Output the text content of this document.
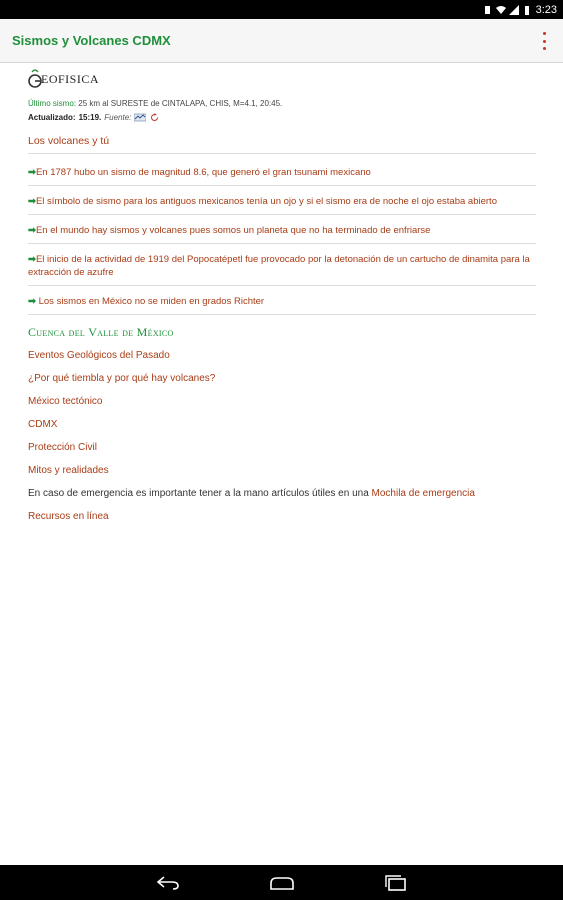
3:23
Sismos y Volcanes CDMX
EOFISICA
Último sismo: 25 km al SURESTE de CINTALAPA, CHIS, M=4.1, 20:45.
Actualizado: 15:19. Fuente:
Los volcanes y tú
➡En 1787 hubo un sismo de magnitud 8.6, que generó el gran tsunami mexicano
➡El símbolo de sismo para los antiguos mexicanos tenía un ojo y si el sismo era de noche el ojo estaba abierto
➡En el mundo hay sismos y volcanes pues somos un planeta que no ha terminado de enfriarse
➡El inicio de la actividad de 1919 del Popocatépetl fue provocado por la detonación de un cartucho de dinamita para la extracción de azufre
➡ Los sismos en México no se miden en grados Richter
Cuenca del Valle de México
Eventos Geológicos del Pasado
¿Por qué tiembla y por qué hay volcanes?
México tectónico
CDMX
Protección Civil
Mitos y realidades
En caso de emergencia es importante tener a la mano artículos útiles en una Mochila de emergencia
Recursos en línea
